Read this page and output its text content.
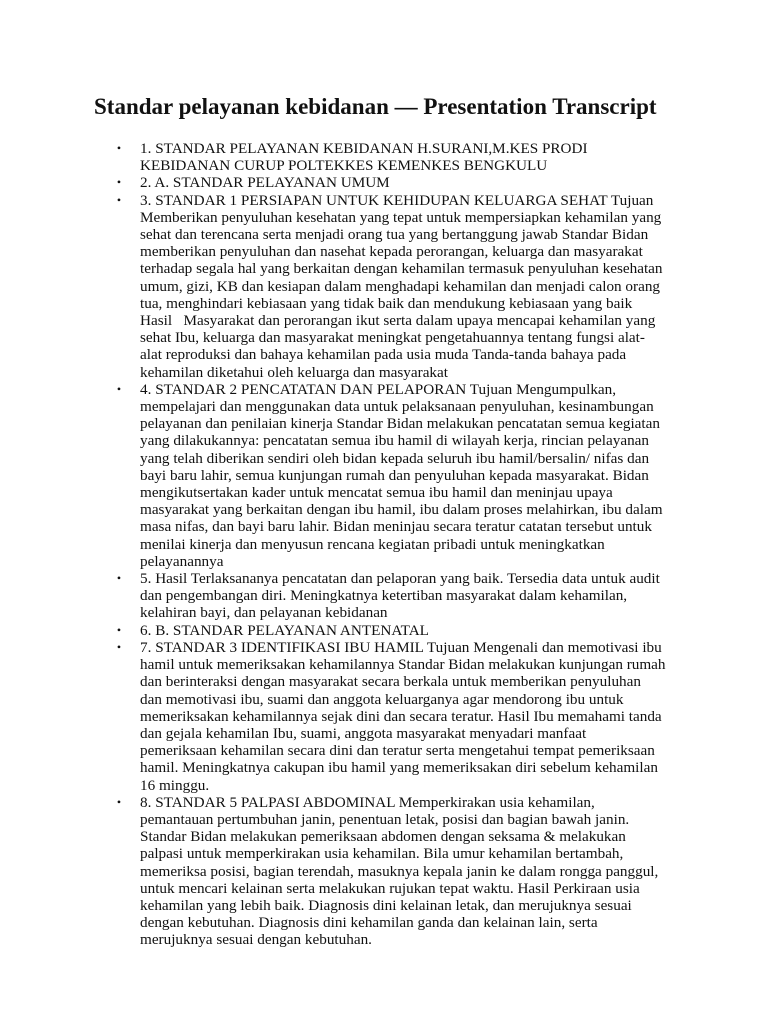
Standar pelayanan kebidanan — Presentation Transcript
• 1. STANDAR PELAYANAN KEBIDANAN H.SURANI,M.KES PRODI
KEBIDANAN CURUP POLTEKKES KEMENKES BENGKULU
• 2. A. STANDAR PELAYANAN UMUM
• 3. STANDAR 1 PERSIAPAN UNTUK KEHIDUPAN KELUARGA SEHAT Tujuan
Memberikan penyuluhan kesehatan yang tepat untuk mempersiapkan kehamilan yang
sehat dan terencana serta menjadi orang tua yang bertanggung jawab Standar Bidan
memberikan penyuluhan dan nasehat kepada perorangan, keluarga dan masyarakat
terhadap segala hal yang berkaitan dengan kehamilan termasuk penyuluhan kesehatan
umum, gizi, KB dan kesiapan dalam menghadapi kehamilan dan menjadi calon orang
tua, menghindari kebiasaan yang tidak baik dan mendukung kebiasaan yang baik
Hasil   Masyarakat dan perorangan ikut serta dalam upaya mencapai kehamilan yang
sehat Ibu, keluarga dan masyarakat meningkat pengetahuannya tentang fungsi alat-
alat reproduksi dan bahaya kehamilan pada usia muda Tanda-tanda bahaya pada
kehamilan diketahui oleh keluarga dan masyarakat
• 4. STANDAR 2 PENCATATAN DAN PELAPORAN Tujuan Mengumpulkan,
mempelajari dan menggunakan data untuk pelaksanaan penyuluhan, kesinambungan
pelayanan dan penilaian kinerja Standar Bidan melakukan pencatatan semua kegiatan
yang dilakukannya: pencatatan semua ibu hamil di wilayah kerja, rincian pelayanan
yang telah diberikan sendiri oleh bidan kepada seluruh ibu hamil/bersalin/ nifas dan
bayi baru lahir, semua kunjungan rumah dan penyuluhan kepada masyarakat. Bidan
mengikutsertakan kader untuk mencatat semua ibu hamil dan meninjau upaya
masyarakat yang berkaitan dengan ibu hamil, ibu dalam proses melahirkan, ibu dalam
masa nifas, dan bayi baru lahir. Bidan meninjau secara teratur catatan tersebut untuk
menilai kinerja dan menyusun rencana kegiatan pribadi untuk meningkatkan
pelayanannya
• 5. Hasil Terlaksananya pencatatan dan pelaporan yang baik. Tersedia data untuk audit
dan pengembangan diri. Meningkatnya ketertiban masyarakat dalam kehamilan,
kelahiran bayi, dan pelayanan kebidanan
• 6. B. STANDAR PELAYANAN ANTENATAL
• 7. STANDAR 3 IDENTIFIKASI IBU HAMIL Tujuan Mengenali dan memotivasi ibu
hamil untuk memeriksakan kehamilannya Standar Bidan melakukan kunjungan rumah
dan berinteraksi dengan masyarakat secara berkala untuk memberikan penyuluhan
dan memotivasi ibu, suami dan anggota keluarganya agar mendorong ibu untuk
memeriksakan kehamilannya sejak dini dan secara teratur. Hasil Ibu memahami tanda
dan gejala kehamilan Ibu, suami, anggota masyarakat menyadari manfaat
pemeriksaan kehamilan secara dini dan teratur serta mengetahui tempat pemeriksaan
hamil. Meningkatnya cakupan ibu hamil yang memeriksakan diri sebelum kehamilan
16 minggu.
• 8. STANDAR 5 PALPASI ABDOMINAL Memperkirakan usia kehamilan,
pemantauan pertumbuhan janin, penentuan letak, posisi dan bagian bawah janin.
Standar Bidan melakukan pemeriksaan abdomen dengan seksama & melakukan
palpasi untuk memperkirakan usia kehamilan. Bila umur kehamilan bertambah,
memeriksa posisi, bagian terendah, masuknya kepala janin ke dalam rongga panggul,
untuk mencari kelainan serta melakukan rujukan tepat waktu. Hasil Perkiraan usia
kehamilan yang lebih baik. Diagnosis dini kelainan letak, dan merujuknya sesuai
dengan kebutuhan. Diagnosis dini kehamilan ganda dan kelainan lain, serta
merujuknya sesuai dengan kebutuhan.
